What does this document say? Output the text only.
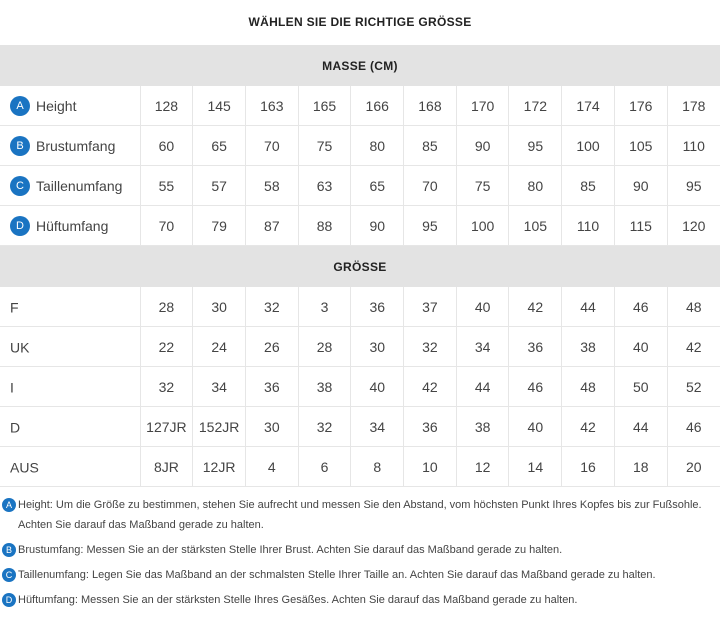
WÄHLEN SIE DIE RICHTIGE GRÖSSE
MASSE (CM)											
A Height	128	145	163	165	166	168	170	172	174	176	178
B Brustumfang	60	65	70	75	80	85	90	95	100	105	110
C Taillenumfang	55	57	58	63	65	70	75	80	85	90	95
D Hüftumfang	70	79	87	88	90	95	100	105	110	115	120
GRÖSSE											
F	28	30	32	3	36	37	40	42	44	46	48
UK	22	24	26	28	30	32	34	36	38	40	42
I	32	34	36	38	40	42	44	46	48	50	52
D	127JR	152JR	30	32	34	36	38	40	42	44	46
AUS	8JR	12JR	4	6	8	10	12	14	16	18	20
A Height: Um die Größe zu bestimmen, stehen Sie aufrecht und messen Sie den Abstand, vom höchsten Punkt Ihres Kopfes bis zur Fußsohle. Achten Sie darauf das Maßband gerade zu halten.
B Brustumfang: Messen Sie an der stärksten Stelle Ihrer Brust. Achten Sie darauf das Maßband gerade zu halten.
C Taillenumfang: Legen Sie das Maßband an der schmalsten Stelle Ihrer Taille an. Achten Sie darauf das Maßband gerade zu halten.
D Hüftumfang: Messen Sie an der stärksten Stelle Ihres Gesäßes. Achten Sie darauf das Maßband gerade zu halten.
